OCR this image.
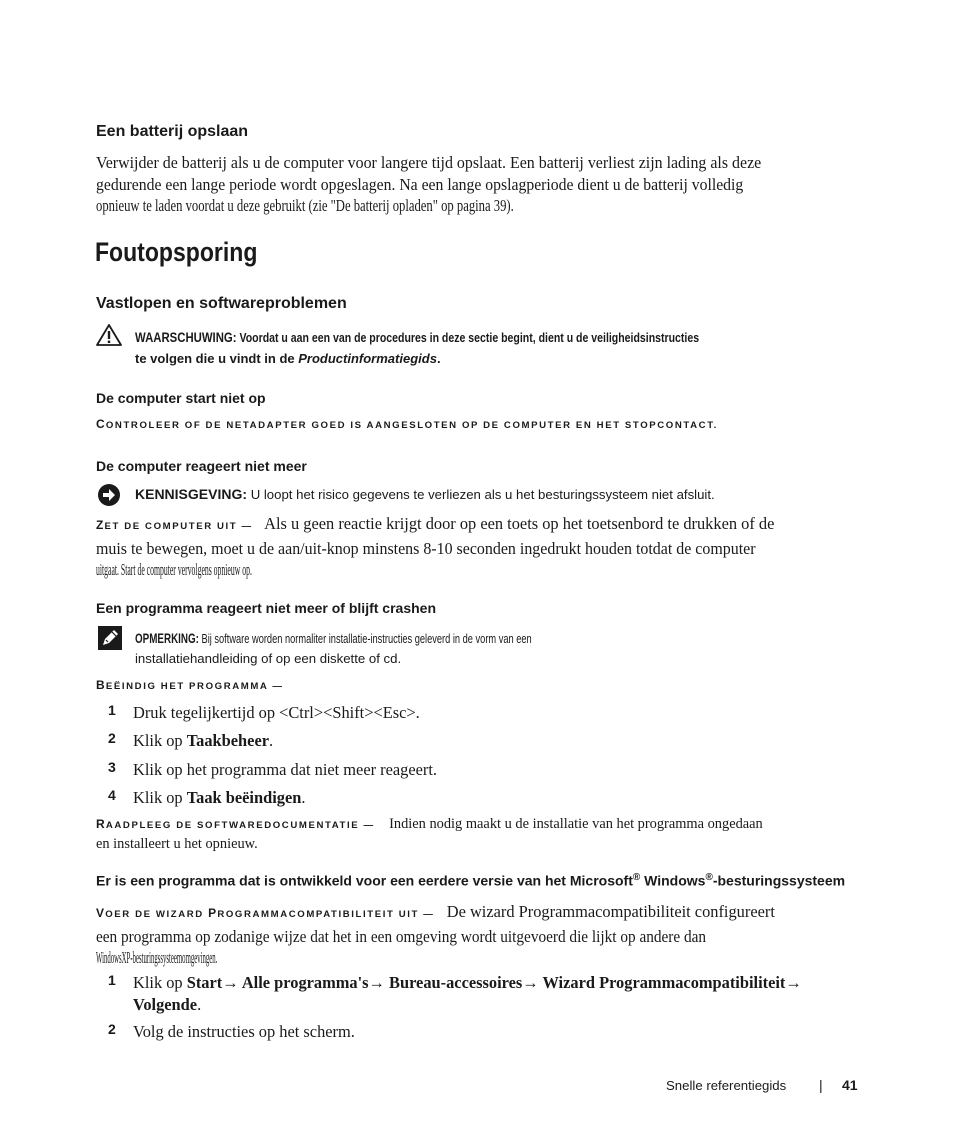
Een batterij opslaan
Verwijder de batterij als u de computer voor langere tijd opslaat. Een batterij verliest zijn lading als deze
gedurende een lange periode wordt opgeslagen. Na een lange opslagperiode dient u de batterij volledig
opnieuw te laden voordat u deze gebruikt (zie "De batterij opladen" op pagina 39).
Foutopsporing
Vastlopen en softwareproblemen
WAARSCHUWING: Voordat u aan een van de procedures in deze sectie begint, dient u de veiligheidsinstructies
te volgen die u vindt in de Productinformatiegids.
De computer start niet op
CONTROLEER OF DE NETADAPTER GOED IS AANGESLOTEN OP DE COMPUTER EN HET STOPCONTACT.
De computer reageert niet meer
KENNISGEVING: U loopt het risico gegevens te verliezen als u het besturingssysteem niet afsluit.
ZET DE COMPUTER UIT — Als u geen reactie krijgt door op een toets op het toetsenbord te drukken of de
muis te bewegen, moet u de aan/uit-knop minstens 8-10 seconden ingedrukt houden totdat de computer
uitgaat. Start de computer vervolgens opnieuw op.
Een programma reageert niet meer of blijft crashen
OPMERKING: Bij software worden normaliter installatie-instructies geleverd in de vorm van een
installatiehandleiding of op een diskette of cd.
BEËINDIG HET PROGRAMMA —
1 Druk tegelijkertijd op <Ctrl><Shift><Esc>.
2 Klik op Taakbeheer.
3 Klik op het programma dat niet meer reageert.
4 Klik op Taak beëindigen.
RAADPLEEG DE SOFTWAREDOCUMENTATIE — Indien nodig maakt u de installatie van het programma ongedaan
en installeert u het opnieuw.
Er is een programma dat is ontwikkeld voor een eerdere versie van het Microsoft® Windows®-besturingssysteem
VOER DE WIZARD PROGRAMMACOMPATIBILITEIT UIT — De wizard Programmacompatibiliteit configureert
een programma op zodanige wijze dat het in een omgeving wordt uitgevoerd die lijkt op andere dan
WindowsXP-besturingssysteemomgevingen.
1 Klik op Start→ Alle programma's→ Bureau-accessoires→ Wizard Programmacompatibiliteit→
Volgende.
2 Volg de instructies op het scherm.
Snelle referentiegids | 41
